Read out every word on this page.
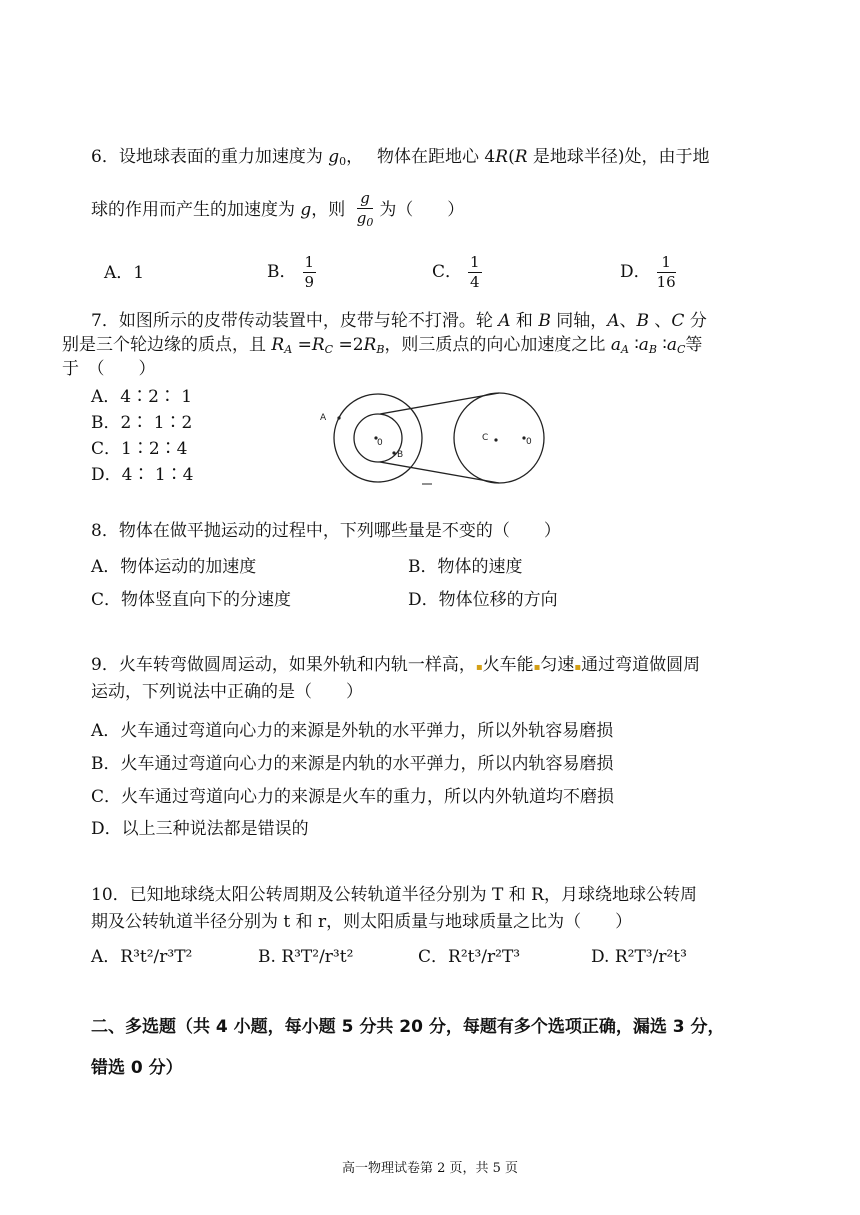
6．设地球表面的重力加速度为 $g_0$，　 物体在距地心 4R(R 是地球半径)处，由于地
球的作用而产生的加速度为 g，则 $\frac{g}{g_0}$ 为（　　）
A．1	B． $\frac{1}{9}$	C． $\frac{1}{4}$	D． $\frac{1}{16}$
7．如图所示的皮带传动装置中，皮带与轮不打滑。轮 A 和 B 同轴，A、B 、C 分
别是三个轮边缘的质点，且 $R_A =R_C =2R_B$，则三质点的向心加速度之比 $a_A$ $∶a_B$ $∶a_C$等
于　（　　）
A．4∶2∶ 1
B．2∶ 1∶2
C．1∶2∶4
D．4∶ 1∶4
A
B
C
0	0
8．物体在做平抛运动的过程中，下列哪些量是不变的（　　）
A．物体运动的加速度	B．物体的速度
C．物体竖直向下的分速度	D．物体位移的方向
9．火车转弯做圆周运动，如果外轨和内轨一样高，▪火车能▪匀速▪通过弯道做圆周
运动，下列说法中正确的是（　　）
A．火车通过弯道向心力的来源是外轨的水平弹力，所以外轨容易磨损
B．火车通过弯道向心力的来源是内轨的水平弹力，所以内轨容易磨损
C．火车通过弯道向心力的来源是火车的重力，所以内外轨道均不磨损
D．以上三种说法都是错误的
10．已知地球绕太阳公转周期及公转轨道半径分别为 T 和 R，月球绕地球公转周
期及公转轨道半径分别为 t 和 r，则太阳质量与地球质量之比为（　　）
A．R³t²/r³T²	B. R³T²/r³t²	C．R²t³/r²T³	D. R²T³/r²t³
二、多选题（共 4 小题，每小题 5 分共 20 分，每题有多个选项正确，漏选 3 分，
错选 0 分）
高一物理试卷第 2 页，共 5 页
